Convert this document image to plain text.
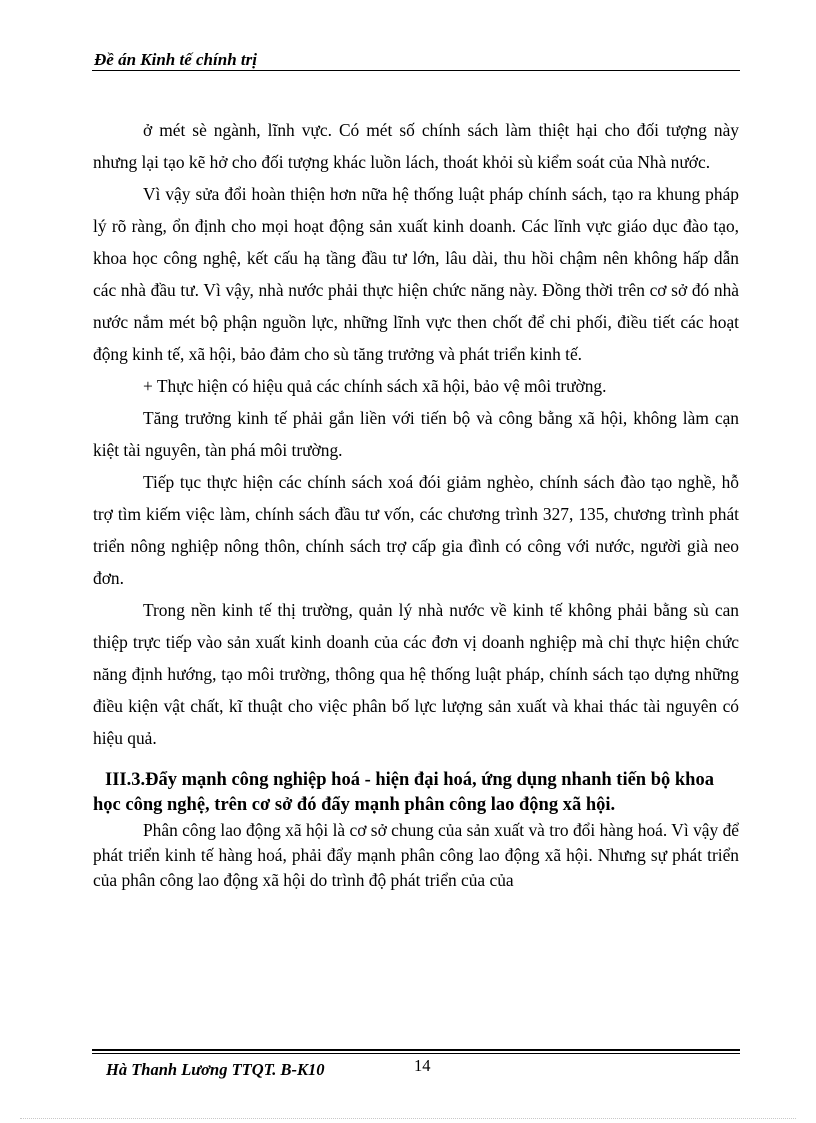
Đề án Kinh tế chính trị

ở mét sè ngành, lĩnh vực. Có mét số chính sách làm thiệt hại cho đối tượng này nhưng lại tạo kẽ hở cho đối tượng khác luồn lách, thoát khỏi sù kiểm soát của Nhà nước.

Vì vậy sửa đổi hoàn thiện hơn nữa hệ thống luật pháp chính sách, tạo ra khung pháp lý rõ ràng, ổn định cho mọi hoạt động sản xuất kinh doanh. Các lĩnh vực giáo dục đào tạo, khoa học công nghệ, kết cấu hạ tầng đầu tư lớn, lâu dài, thu hồi chậm nên không hấp dẫn các nhà đầu tư. Vì vậy, nhà nước phải thực hiện chức năng này. Đồng thời trên cơ sở đó nhà nước nắm mét bộ phận nguồn lực, những lĩnh vực then chốt để chi phối, điều tiết các hoạt động kinh tế, xã hội, bảo đảm cho sù tăng trưởng và phát triển kinh tế.

+ Thực hiện có hiệu quả các chính sách xã hội, bảo vệ môi trường.

Tăng trưởng kinh tế phải gắn liền với tiến bộ và công bằng xã hội, không làm cạn kiệt tài nguyên, tàn phá môi trường.

Tiếp tục thực hiện các chính sách xoá đói giảm nghèo, chính sách đào tạo nghề, hỗ trợ tìm kiếm việc làm, chính sách đầu tư vốn, các chương trình 327, 135, chương trình phát triển nông nghiệp nông thôn, chính sách trợ cấp gia đình có công với nước, người già neo đơn.

Trong nền kinh tế thị trường, quản lý nhà nước về kinh tế không phải bằng sù can thiệp trực tiếp vào sản xuất kinh doanh của các đơn vị doanh nghiệp mà chỉ thực hiện chức năng định hướng, tạo môi trường, thông qua hệ thống luật pháp, chính sách tạo dựng những điều kiện vật chất, kĩ thuật cho việc phân bố lực lượng sản xuất và khai thác tài nguyên có hiệu quả.

III.3.Đẩy mạnh công nghiệp hoá - hiện đại hoá, ứng dụng nhanh tiến bộ khoa học công nghệ, trên cơ sở đó đẩy mạnh phân công lao động xã hội.

Phân công lao động xã hội là cơ sở chung của sản xuất và tro đổi hàng hoá. Vì vậy để phát triển kinh tế hàng hoá, phải đẩy mạnh phân công lao động xã hội. Nhưng sự phát triển của phân công lao động xã hội do trình độ phát triển của của

Hà Thanh Lương TTQT. B-K10	14
